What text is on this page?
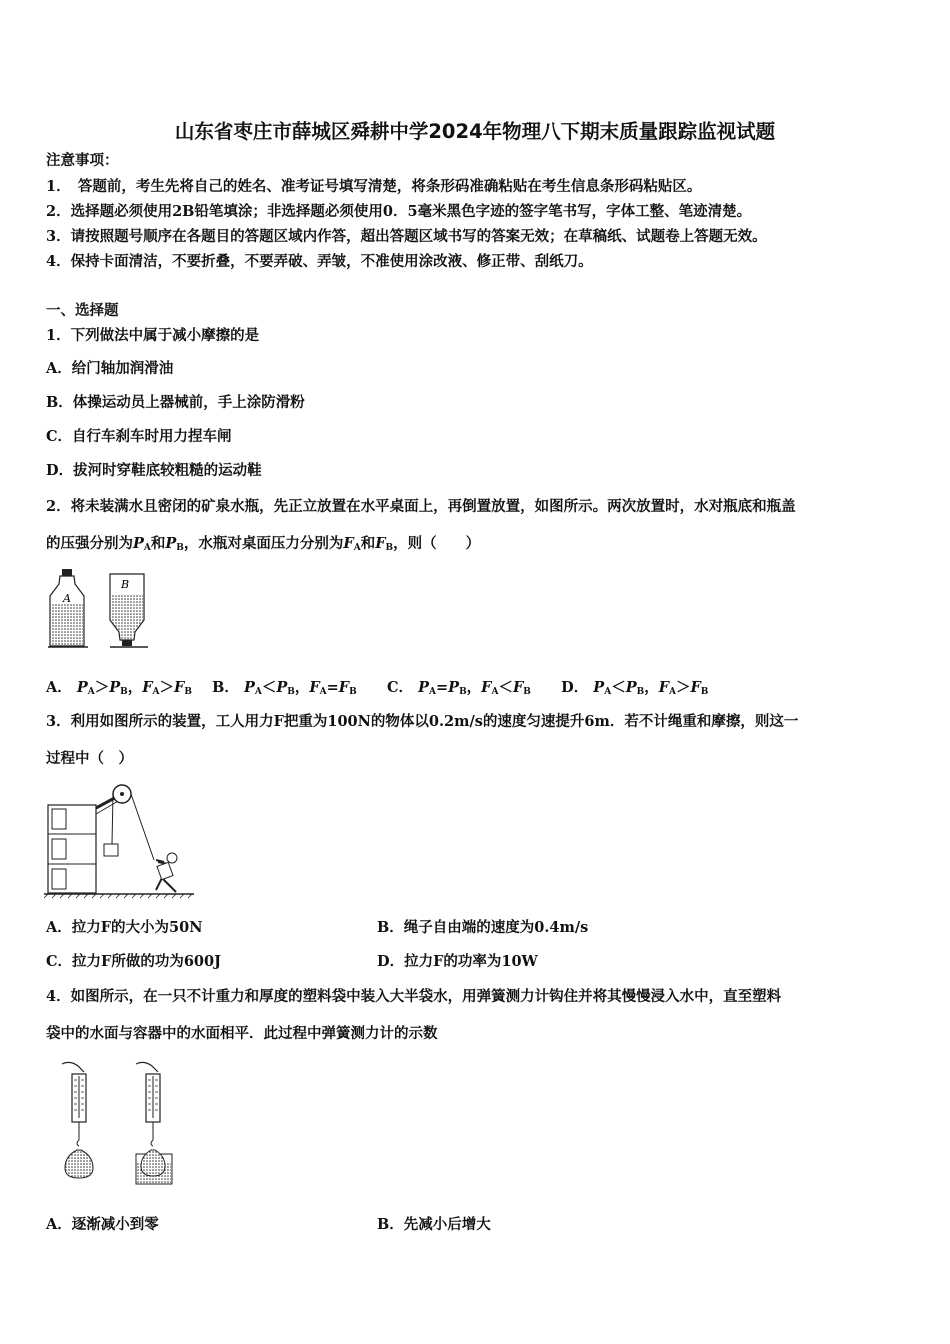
山东省枣庄市薛城区舜耕中学2024年物理八下期末质量跟踪监视试题
注意事项：
1．　答题前，考生先将自己的姓名、准考证号填写清楚，将条形码准确粘贴在考生信息条形码粘贴区。
2．选择题必须使用2B铅笔填涂；非选择题必须使用0．5毫米黑色字迹的签字笔书写，字体工整、笔迹清楚。
3．请按照题号顺序在各题目的答题区域内作答，超出答题区域书写的答案无效；在草稿纸、试题卷上答题无效。
4．保持卡面清洁，不要折叠，不要弄破、弄皱，不准使用涂改液、修正带、刮纸刀。
一、选择题
1．下列做法中属于减小摩擦的是
A．给门轴加润滑油
B．体操运动员上器械前，手上涂防滑粉
C．自行车刹车时用力捏车闸
D．拔河时穿鞋底较粗糙的运动鞋
2．将未装满水且密闭的矿泉水瓶，先正立放置在水平桌面上，再倒置放置，如图所示。两次放置时，水对瓶底和瓶盖
的压强分别为$P_A$和$P_B$，水瓶对桌面压力分别为$F_A$和$F_B$，则（　　）
A
B
A． $P_A>P_B$，$F_A>F_B$ B． $P_A<P_B$，$F_A=F_B$ C． $P_A=P_B$，$F_A<F_B$ D． $P_A<P_B$，$F_A>F_B$
3．利用如图所示的装置，工人用力F把重为100N的物体以0.2m/s的速度匀速提升6m．若不计绳重和摩擦，则这一
过程中（　）
A．拉力F的大小为50N	B．绳子自由端的速度为0.4m/s
C．拉力F所做的功为600J	D．拉力F的功率为10W
4．如图所示，在一只不计重力和厚度的塑料袋中装入大半袋水，用弹簧测力计钩住并将其慢慢浸入水中，直至塑料
袋中的水面与容器中的水面相平．此过程中弹簧测力计的示数
A．逐渐减小到零	B．先减小后增大
